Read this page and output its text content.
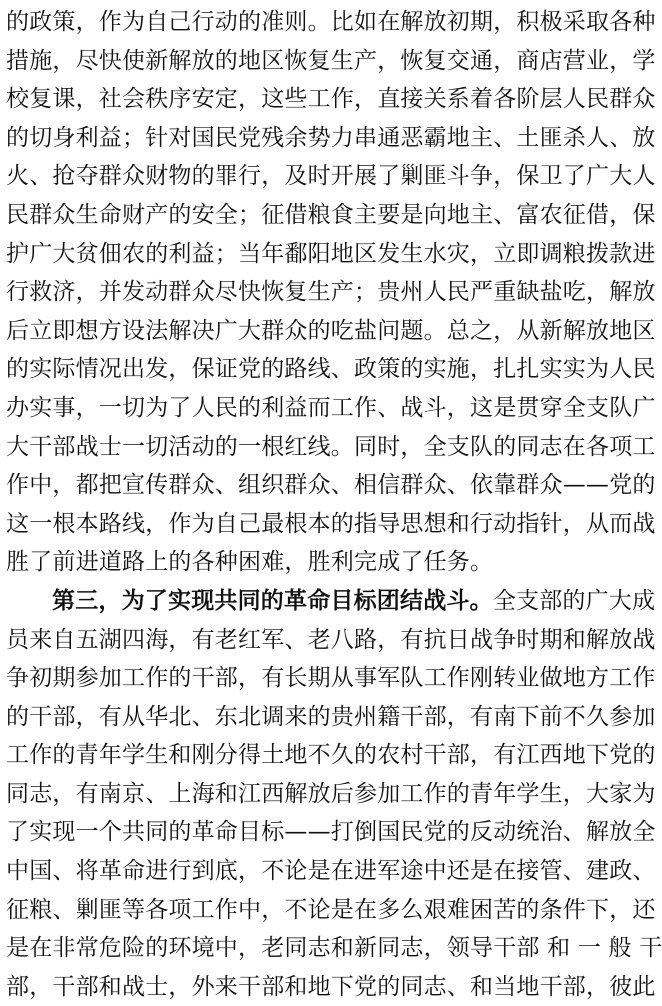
的政策，作为自己行动的准则。比如在解放初期，积极采取各种
措施，尽快使新解放的地区恢复生产，恢复交通，商店营业，学
校复课，社会秩序安定，这些工作，直接关系着各阶层人民群众
的切身利益；针对国民党残余势力串通恶霸地主、土匪杀人、放
火、抢夺群众财物的罪行，及时开展了剿匪斗争，保卫了广大人
民群众生命财产的安全；征借粮食主要是向地主、富农征借，保
护广大贫佃农的利益；当年鄱阳地区发生水灾，立即调粮拨款进
行救济，并发动群众尽快恢复生产；贵州人民严重缺盐吃，解放
后立即想方设法解决广大群众的吃盐问题。总之，从新解放地区
的实际情况出发，保证党的路线、政策的实施，扎扎实实为人民
办实事，一切为了人民的利益而工作、战斗，这是贯穿全支队广
大干部战士一切活动的一根红线。同时，全支队的同志在各项工
作中，都把宣传群众、组织群众、相信群众、依靠群众——党的
这一根本路线，作为自己最根本的指导思想和行动指针，从而战
胜了前进道路上的各种困难，胜利完成了任务。
第三，为了实现共同的革命目标团结战斗。全支部的广大成
员来自五湖四海，有老红军、老八路，有抗日战争时期和解放战
争初期参加工作的干部，有长期从事军队工作刚转业做地方工作
的干部，有从华北、东北调来的贵州籍干部，有南下前不久参加
工作的青年学生和刚分得土地不久的农村干部，有江西地下党的
同志，有南京、上海和江西解放后参加工作的青年学生，大家为
了实现一个共同的革命目标——打倒国民党的反动统治、解放全
中国、将革命进行到底，不论是在进军途中还是在接管、建政、
征粮、剿匪等各项工作中，不论是在多么艰难困苦的条件下，还
是在非常危险的环境中，老同志和新同志，领导干部 和 一 般 干
部，干部和战士，外来干部和地下党的同志、和当地干部，彼此
